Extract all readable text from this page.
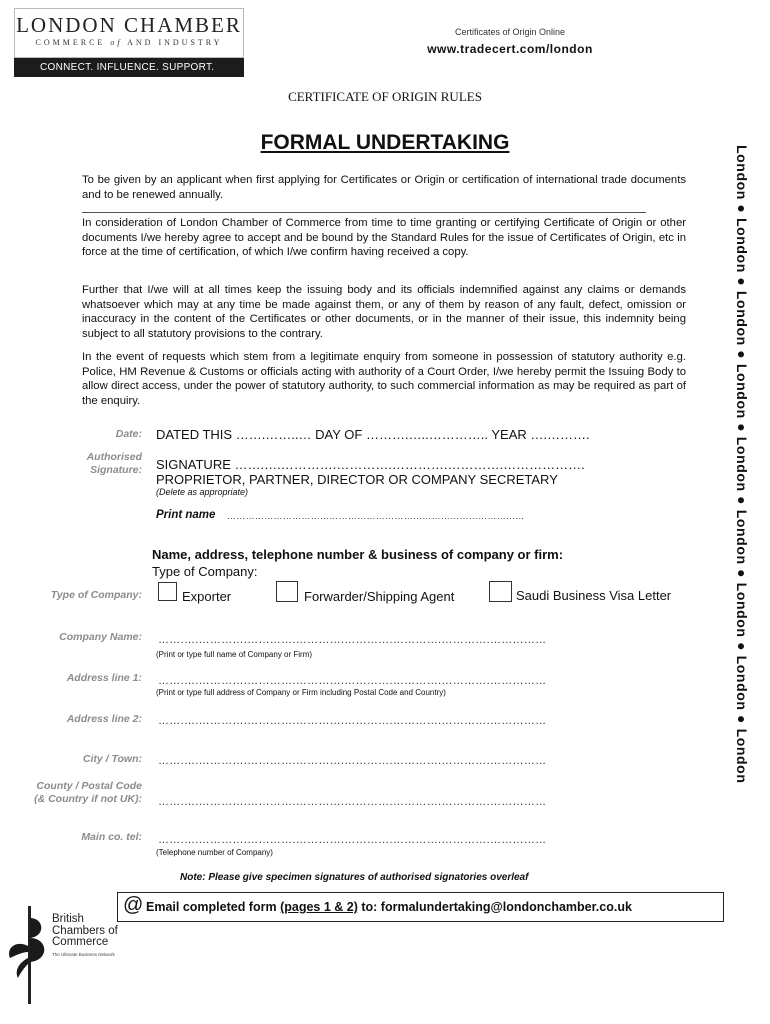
LONDON CHAMBER
COMMERCE of AND INDUSTRY
CONNECT. INFLUENCE. SUPPORT.
Certificates of Origin Online
www.tradecert.com/london
CERTIFICATE OF ORIGIN RULES
FORMAL UNDERTAKING
To be given by an applicant when first applying for Certificates or Origin or certification of international trade documents and to be renewed annually.
In consideration of London Chamber of Commerce from time to time granting or certifying Certificate of Origin or other documents I/we hereby agree to accept and be bound by the Standard Rules for the issue of Certificates of Origin, etc in force at the time of certification, of which I/we confirm having received a copy.
Further that I/we will at all times keep the issuing body and its officials indemnified against any claims or demands whatsoever which may at any time be made against them, or any of them by reason of any fault, defect, omission or inaccuracy in the content of the Certificates or other documents, or in the manner of their issue, this indemnity being subject to all statutory provisions to the contrary.
In the event of requests which stem from a legitimate enquiry from someone in possession of statutory authority e.g. Police, HM Revenue & Customs or officials acting with authority of a Court Order, I/we hereby permit the Issuing Body to allow direct access, under the power of statutory authority, to such commercial information as may be required as part of the enquiry.
Date: DATED THIS …….……..… DAY OF ……….…..………….. YEAR ….……….
Authorised
Signature: SIGNATURE …….….………….………….………….………….……………….
PROPRIETOR, PARTNER, DIRECTOR OR COMPANY SECRETARY
(Delete as appropriate)
Print name ……………………………………………………………………………………
Name, address, telephone number & business of company or firm:
Type of Company:
Type of Company:	Exporter	Forwarder/Shipping Agent	Saudi Business Visa Letter
Company Name: …….….………….………….………….………….………….………….……………
(Print or type full name of Company or Firm)
Address line 1: …….….………….………….………….………….………….………….……………
(Print or type full address of Company or Firm including Postal Code and Country)
Address line 2: …….….………….………….………….………….………….………….……………
City / Town: …….….………….………….………….………….………….………….……………
County / Postal Code
(& Country if not UK): …….….………….………….………….………….………….………….……………
Main co. tel: …….….………….………….………….………….………….………….……………
(Telephone number of Company)
Note: Please give specimen signatures of authorised signatories overleaf
@ Email completed form (pages 1 & 2) to: formalundertaking@londonchamber.co.uk
London ● London ● London ● London ● London ● London ● London ● London ● London
British
Chambers of
Commerce
The Ultimate Business Network
